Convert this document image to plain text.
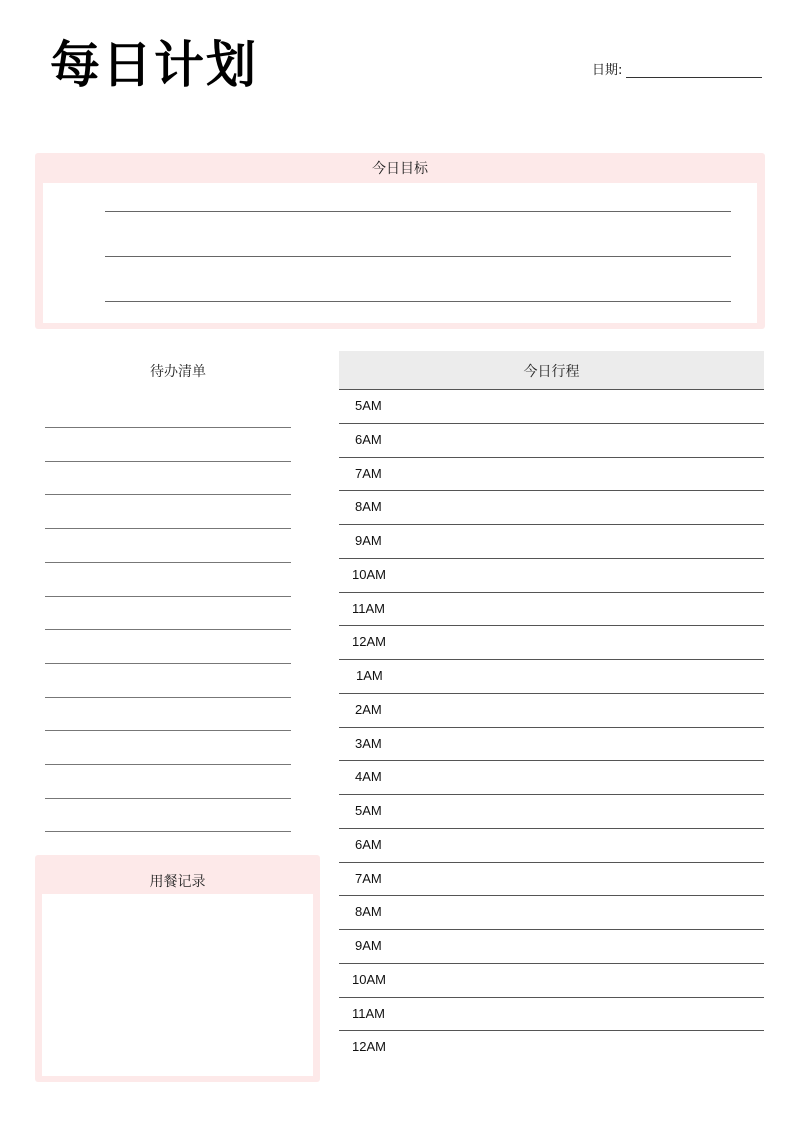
每日计划	日期:
今日目标
待办清单	今日行程
5AM
6AM
7AM
8AM
9AM
10AM
11AM
12AM
1AM
2AM
3AM
4AM
5AM
6AM
7AM
8AM
9AM
10AM
11AM
12AM
用餐记录
